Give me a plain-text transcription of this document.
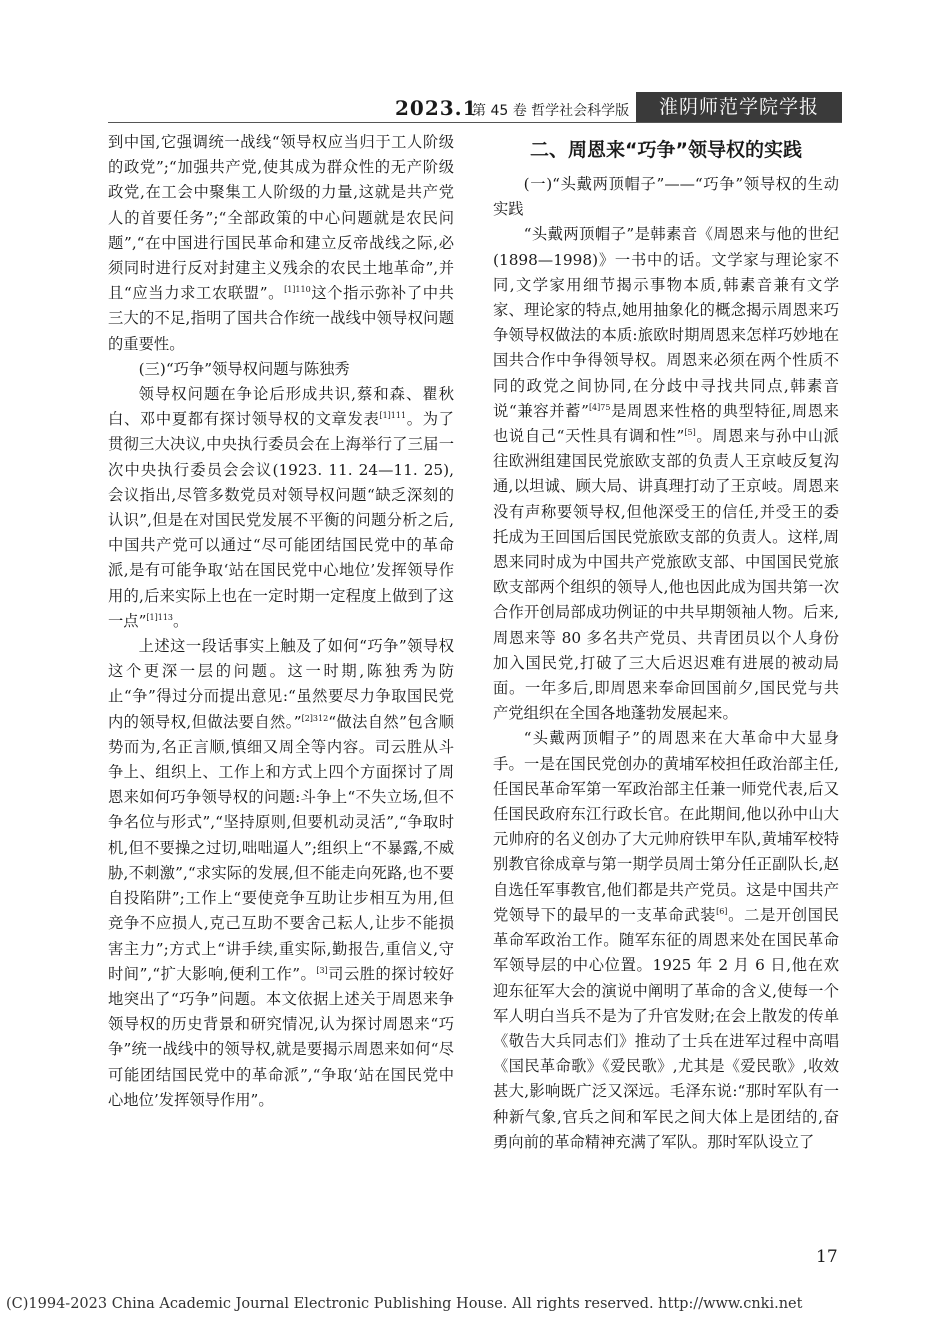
2023.1
第 45 卷 哲学社会科学版	淮阴师范学院学报

到中国,它强调统一战线“领导权应当归于工人阶级的政党”;“加强共产党,使其成为群众性的无产阶级政党,在工会中聚集工人阶级的力量,这就是共产党人的首要任务”;“全部政策的中心问题就是农民问题”,“在中国进行国民革命和建立反帝战线之际,必须同时进行反对封建主义残余的农民土地革命”,并且“应当力求工农联盟”。$^{[1]110}$这个指示弥补了中共三大的不足,指明了国共合作统一战线中领导权问题的重要性。

(三)“巧争”领导权问题与陈独秀

领导权问题在争论后形成共识,蔡和森、瞿秋白、邓中夏都有探讨领导权的文章发表$^{[1]111}$。为了贯彻三大决议,中央执行委员会在上海举行了三届一次中央执行委员会会议(1923. 11. 24—11. 25),会议指出,尽管多数党员对领导权问题“缺乏深刻的认识”,但是在对国民党发展不平衡的问题分析之后,中国共产党可以通过“尽可能团结国民党中的革命派,是有可能争取‘站在国民党中心地位’发挥领导作用的,后来实际上也在一定时期一定程度上做到了这一点”$^{[1]113}$。

上述这一段话事实上触及了如何“巧争”领导权这个更深一层的问题。这一时期,陈独秀为防止“争”得过分而提出意见:“虽然要尽力争取国民党内的领导权,但做法要自然。”$^{[2]312}$“做法自然”包含顺势而为,名正言顺,慎细又周全等内容。司云胜从斗争上、组织上、工作上和方式上四个方面探讨了周恩来如何巧争领导权的问题:斗争上“不失立场,但不争名位与形式”,“坚持原则,但要机动灵活”,“争取时机,但不要操之过切,咄咄逼人”;组织上“不暴露,不威胁,不刺激”,“求实际的发展,但不能走向死路,也不要自投陷阱”;工作上“要使竞争互助让步相互为用,但竞争不应损人,克己互助不要舍己耘人,让步不能损害主力”;方式上“讲手续,重实际,勤报告,重信义,守时间”,“扩大影响,便利工作”。[3]司云胜的探讨较好地突出了“巧争”问题。本文依据上述关于周恩来争领导权的历史背景和研究情况,认为探讨周恩来“巧争”统一战线中的领导权,就是要揭示周恩来如何“尽可能团结国民党中的革命派”,“争取‘站在国民党中心地位’发挥领导作用”。

二、周恩来“巧争”领导权的实践

(一)“头戴两顶帽子”——“巧争”领导权的生动实践

“头戴两顶帽子”是韩素音《周恩来与他的世纪(1898—1998)》一书中的话。文学家与理论家不同,文学家用细节揭示事物本质,韩素音兼有文学家、理论家的特点,她用抽象化的概念揭示周恩来巧争领导权做法的本质:旅欧时期周恩来怎样巧妙地在国共合作中争得领导权。周恩来必须在两个性质不同的政党之间协同,在分歧中寻找共同点,韩素音说“兼容并蓄”$^{[4]75}$是周恩来性格的典型特征,周恩来也说自己“天性具有调和性”[5]。周恩来与孙中山派往欧洲组建国民党旅欧支部的负责人王京岐反复沟通,以坦诚、顾大局、讲真理打动了王京岐。周恩来没有声称要领导权,但他深受王的信任,并受王的委托成为王回国后国民党旅欧支部的负责人。这样,周恩来同时成为中国共产党旅欧支部、中国国民党旅欧支部两个组织的领导人,他也因此成为国共第一次合作开创局部成功例证的中共早期领袖人物。后来,周恩来等 80 多名共产党员、共青团员以个人身份加入国民党,打破了三大后迟迟难有进展的被动局面。一年多后,即周恩来奉命回国前夕,国民党与共产党组织在全国各地蓬勃发展起来。

“头戴两顶帽子”的周恩来在大革命中大显身手。一是在国民党创办的黄埔军校担任政治部主任,任国民革命军第一军政治部主任兼一师党代表,后又任国民政府东江行政长官。在此期间,他以孙中山大元帅府的名义创办了大元帅府铁甲车队,黄埔军校特别教官徐成章与第一期学员周士第分任正副队长,赵自选任军事教官,他们都是共产党员。这是中国共产党领导下的最早的一支革命武装[6]。二是开创国民革命军政治工作。随军东征的周恩来处在国民革命军领导层的中心位置。1925 年 2 月 6 日,他在欢迎东征军大会的演说中阐明了革命的含义,使每一个军人明白当兵不是为了升官发财;在会上散发的传单《敬告大兵同志们》推动了士兵在进军过程中高唱《国民革命歌》《爱民歌》,尤其是《爱民歌》,收效甚大,影响既广泛又深远。毛泽东说:“那时军队有一种新气象,官兵之间和军民之间大体上是团结的,奋勇向前的革命精神充满了军队。那时军队设立了

17
(C)1994-2023 China Academic Journal Electronic Publishing House. All rights reserved. http://www.cnki.net
